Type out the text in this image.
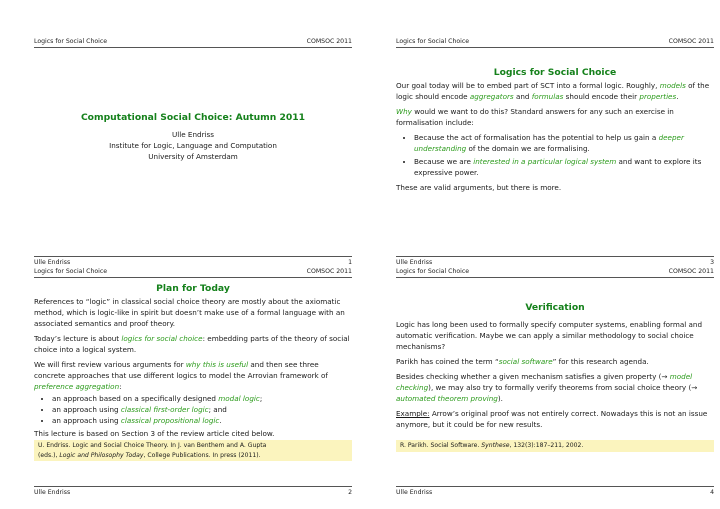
Logics for Social Choice	COMSOC 2011
Computational Social Choice: Autumn 2011
Ulle Endriss
Institute for Logic, Language and Computation
University of Amsterdam
Ulle Endriss	1
Logics for Social Choice	COMSOC 2011
Logics for Social Choice

Our goal today will be to embed part of SCT into a formal logic. Roughly, models of the logic should encode aggregators and formulas should encode their properties.

Why would we want to do this? Standard answers for any such an exercise in formalisation include:

• Because the act of formalisation has the potential to help us gain a deeper understanding of the domain we are formalising.
• Because we are interested in a particular logical system and want to explore its expressive power.

These are valid arguments, but there is more.

Ulle Endriss	3
Logics for Social Choice	COMSOC 2011
Plan for Today

References to “logic” in classical social choice theory are mostly about the axiomatic method, which is logic-like in spirit but doesn’t make use of a formal language with an associated semantics and proof theory.

Today’s lecture is about logics for social choice: embedding parts of the theory of social choice into a logical system.

We will first review various arguments for why this is useful and then see three concrete approaches that use different logics to model the Arrovian framework of preference aggregation:

• an approach based on a specifically designed modal logic;
• an approach using classical first-order logic; and
• an approach using classical propositional logic.

This lecture is based on Section 3 of the review article cited below.

U. Endriss. Logic and Social Choice Theory. In J. van Benthem and A. Gupta
(eds.), Logic and Philosophy Today, College Publications. In press (2011).
Ulle Endriss	2
Logics for Social Choice	COMSOC 2011
Verification

Logic has long been used to formally specify computer systems, enabling formal and automatic verification. Maybe we can apply a similar methodology to social choice mechanisms?

Parikh has coined the term “social software” for this research agenda.

Besides checking whether a given mechanism satisfies a given property (⇝ model checking), we may also try to formally verify theorems from social choice theory (⇝ automated theorem proving).

Example: Arrow’s original proof was not entirely correct. Nowadays this is not an issue anymore, but it could be for new results.

R. Parikh. Social Software. Synthese, 132(3):187–211, 2002.
Ulle Endriss	4
